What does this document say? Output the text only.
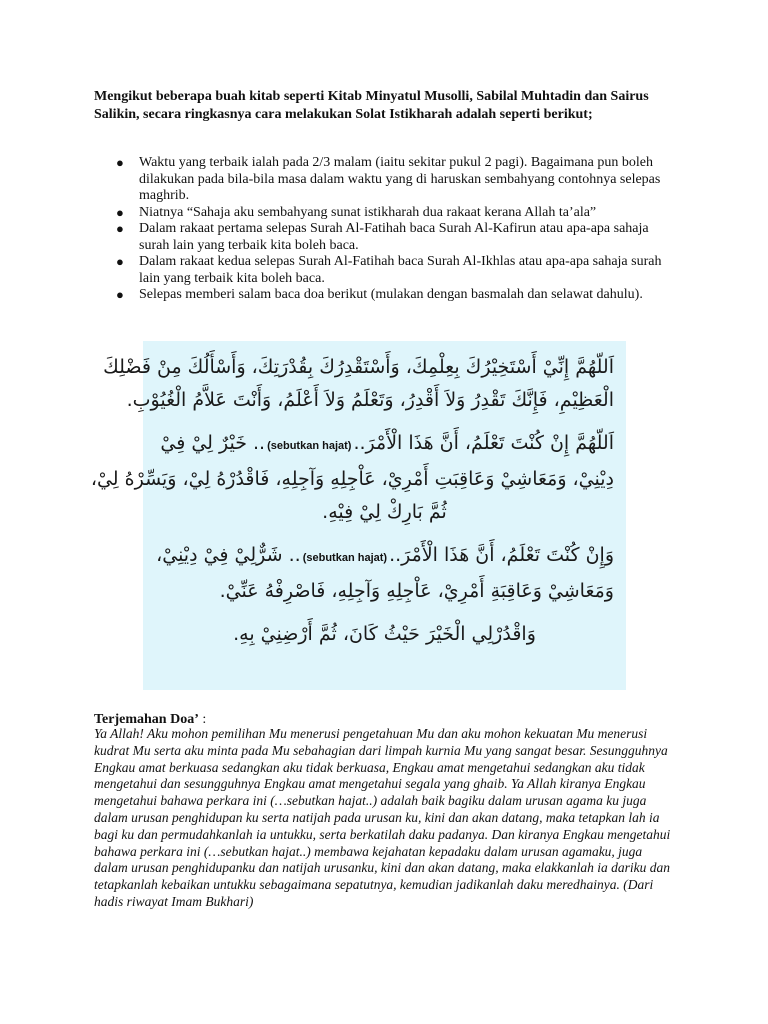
Mengikut beberapa buah kitab seperti Kitab Minyatul Musolli, Sabilal Muhtadin dan Sairus Salikin, secara ringkasnya cara melakukan Solat Istikharah adalah seperti berikut;

● Waktu yang terbaik ialah pada 2/3 malam (iaitu sekitar pukul 2 pagi). Bagaimana pun boleh dilakukan pada bila-bila masa dalam waktu yang di haruskan sembahyang contohnya selepas maghrib.
● Niatnya “Sahaja aku sembahyang sunat istikharah dua rakaat kerana Allah ta’ala”
● Dalam rakaat pertama selepas Surah Al-Fatihah baca Surah Al-Kafirun atau apa-apa sahaja surah lain yang terbaik kita boleh baca.
● Dalam rakaat kedua selepas Surah Al-Fatihah baca Surah Al-Ikhlas atau apa-apa sahaja surah lain yang terbaik kita boleh baca.
● Selepas memberi salam baca doa berikut (mulakan dengan basmalah dan selawat dahulu).
اَللّهُمَّ إِنِّيْ أَسْتَخِيْرُكَ بِعِلْمِكَ، وَأَسْتَقْدِرُكَ بِقُدْرَتِكَ، وَأَسْأَلُكَ مِنْ فَضْلِكَ
الْعَظِيْمِ، فَإِنَّكَ تَقْدِرُ وَلاَ أَقْدِرُ، وَتَعْلَمُ وَلاَ أَعْلَمُ، وَأَنْتَ عَلاَّمُ الْغُيُوْبِ.
اَللّهُمَّ إِنْ كُنْتَ تَعْلَمُ، أَنَّ هَذَا الْأَمْرَ..(sebutkan hajat).. خَيْرٌ لِيْ فِيْ
دِيْنِيْ، وَمَعَاشِيْ وَعَاقِبَتِ أَمْرِيْ، عَاْجِلِهِ وَآجِلِهِ، فَاقْدُرْهُ لِيْ، وَيَسِّرْهُ لِيْ،
ثُمَّ بَارِكْ لِيْ فِيْهِ.
وَإِنْ كُنْتَ تَعْلَمُ، أَنَّ هَذَا الْأَمْرَ..(sebutkan hajat).. شَرٌّلِيْ فِيْ دِيْنِيْ،
وَمَعَاشِيْ وَعَاقِبَةِ أَمْرِيْ، عَاْجِلِهِ وَآجِلِهِ، فَاصْرِفْهُ عَنِّيْ.
وَاقْدُرْلِي الْخَيْرَ حَيْثُ كَانَ، ثُمَّ أَرْضِنِيْ بِهِ.

Terjemahan Doa’ :

Ya Allah! Aku mohon pemilihan Mu menerusi pengetahuan Mu dan aku mohon kekuatan Mu menerusi kudrat Mu serta aku minta pada Mu sebahagian dari limpah kurnia Mu yang sangat besar. Sesungguhnya Engkau amat berkuasa sedangkan aku tidak berkuasa, Engkau amat mengetahui sedangkan aku tidak mengetahui dan sesungguhnya Engkau amat mengetahui segala yang ghaib. Ya Allah kiranya Engkau mengetahui bahawa perkara ini (…sebutkan hajat..) adalah baik bagiku dalam urusan agama ku juga dalam urusan penghidupan ku serta natijah pada urusan ku, kini dan akan datang, maka tetapkan lah ia bagi ku dan permudahkanlah ia untukku, serta berkatilah daku padanya. Dan kiranya Engkau mengetahui bahawa perkara ini (…sebutkan hajat..) membawa kejahatan kepadaku dalam urusan agamaku, juga dalam urusan penghidupanku dan natijah urusanku, kini dan akan datang, maka elakkanlah ia dariku dan tetapkanlah kebaikan untukku sebagaimana sepatutnya, kemudian jadikanlah daku meredhainya. (Dari hadis riwayat Imam Bukhari)
